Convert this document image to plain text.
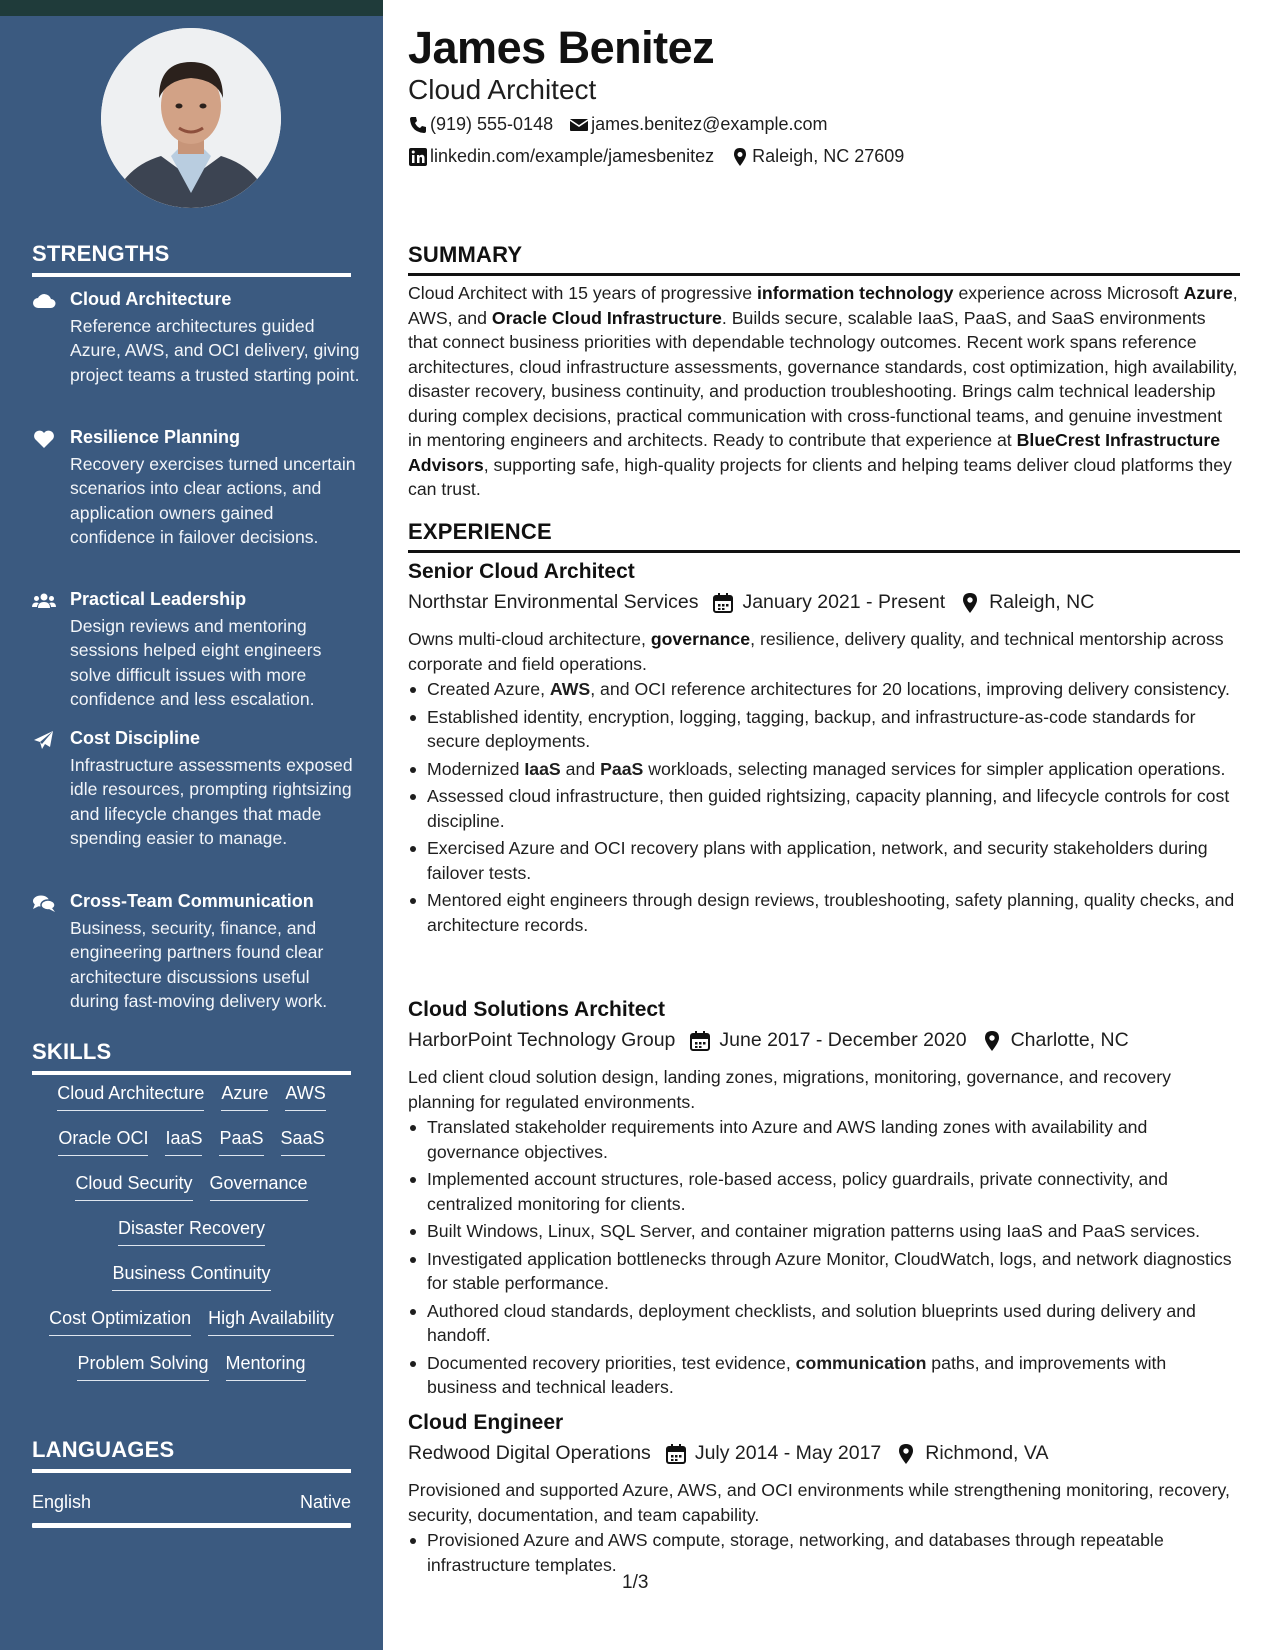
STRENGTHS
Cloud Architecture
Reference architectures guided Azure, AWS, and OCI delivery, giving project teams a trusted starting point.
Resilience Planning
Recovery exercises turned uncertain scenarios into clear actions, and application owners gained confidence in failover decisions.
Practical Leadership
Design reviews and mentoring sessions helped eight engineers solve difficult issues with more confidence and less escalation.
Cost Discipline
Infrastructure assessments exposed idle resources, prompting rightsizing and lifecycle changes that made spending easier to manage.
Cross-Team Communication
Business, security, finance, and engineering partners found clear architecture discussions useful during fast-moving delivery work.
SKILLS
Cloud Architecture Azure AWS
Oracle OCI IaaS PaaS SaaS
Cloud Security Governance
Disaster Recovery
Business Continuity
Cost Optimization High Availability
Problem Solving Mentoring
LANGUAGES
English	Native
James Benitez
Cloud Architect
(919) 555-0148 james.benitez@example.com
linkedin.com/example/jamesbenitez Raleigh, NC 27609
SUMMARY
Cloud Architect with 15 years of progressive information technology experience across Microsoft Azure, AWS, and Oracle Cloud Infrastructure. Builds secure, scalable IaaS, PaaS, and SaaS environments that connect business priorities with dependable technology outcomes. Recent work spans reference architectures, cloud infrastructure assessments, governance standards, cost optimization, high availability, disaster recovery, business continuity, and production troubleshooting. Brings calm technical leadership during complex decisions, practical communication with cross-functional teams, and genuine investment in mentoring engineers and architects. Ready to contribute that experience at BlueCrest Infrastructure Advisors, supporting safe, high-quality projects for clients and helping teams deliver cloud platforms they can trust.
EXPERIENCE
Senior Cloud Architect
Northstar Environmental Services January 2021 - Present Raleigh, NC
Owns multi-cloud architecture, governance, resilience, delivery quality, and technical mentorship across corporate and field operations.
Created Azure, AWS, and OCI reference architectures for 20 locations, improving delivery consistency.
Established identity, encryption, logging, tagging, backup, and infrastructure-as-code standards for secure deployments.
Modernized IaaS and PaaS workloads, selecting managed services for simpler application operations.
Assessed cloud infrastructure, then guided rightsizing, capacity planning, and lifecycle controls for cost discipline.
Exercised Azure and OCI recovery plans with application, network, and security stakeholders during failover tests.
Mentored eight engineers through design reviews, troubleshooting, safety planning, quality checks, and architecture records.
Cloud Solutions Architect
HarborPoint Technology Group June 2017 - December 2020 Charlotte, NC
Led client cloud solution design, landing zones, migrations, monitoring, governance, and recovery planning for regulated environments.
Translated stakeholder requirements into Azure and AWS landing zones with availability and governance objectives.
Implemented account structures, role-based access, policy guardrails, private connectivity, and centralized monitoring for clients.
Built Windows, Linux, SQL Server, and container migration patterns using IaaS and PaaS services.
Investigated application bottlenecks through Azure Monitor, CloudWatch, logs, and network diagnostics for stable performance.
Authored cloud standards, deployment checklists, and solution blueprints used during delivery and handoff.
Documented recovery priorities, test evidence, communication paths, and improvements with business and technical leaders.
Cloud Engineer
Redwood Digital Operations July 2014 - May 2017 Richmond, VA
Provisioned and supported Azure, AWS, and OCI environments while strengthening monitoring, recovery, security, documentation, and team capability.
Provisioned Azure and AWS compute, storage, networking, and databases through repeatable infrastructure templates.
1/3
